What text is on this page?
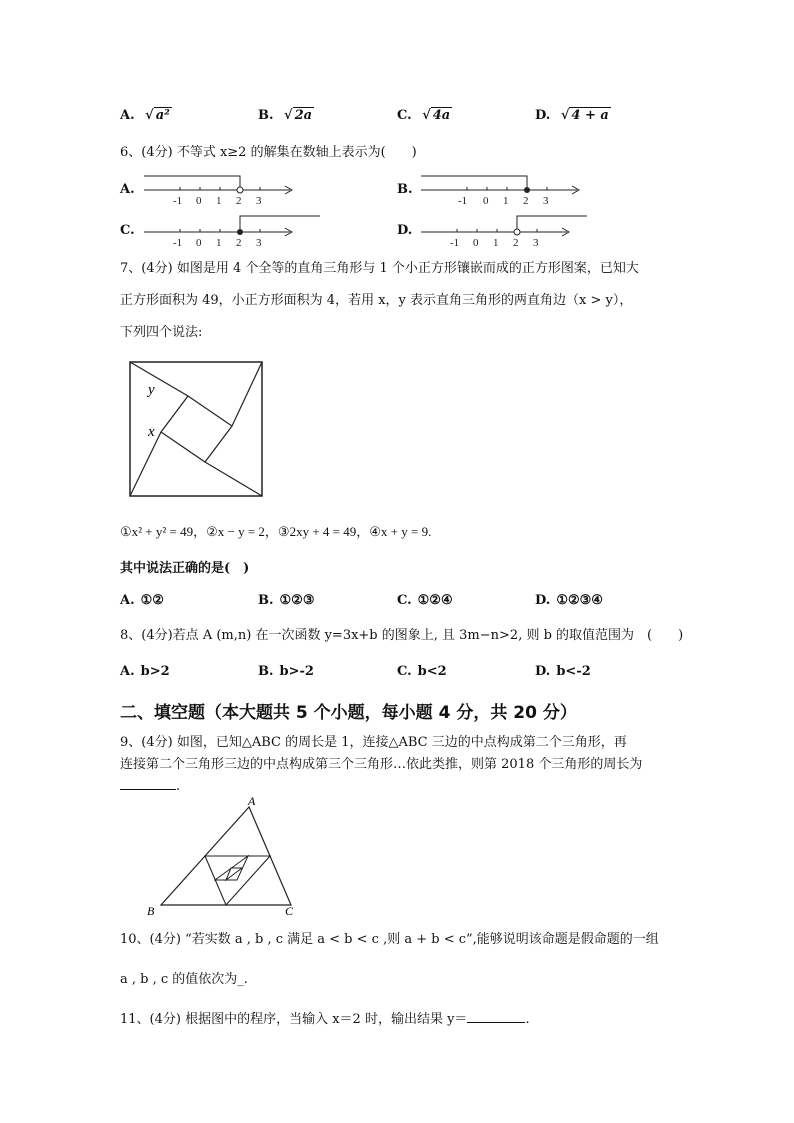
A. √ a²	B. √ 2a	C. √ 4a	D. √ 4 + a
6、(4分) 不等式 x≥2 的解集在数轴上表示为(　　)
A.	B.
C.	D.
-1 0 1 2 3	-1 0 1 2 3
-1 0 1 2 3	-1 0 1 2 3
7、(4分) 如图是用 4 个全等的直角三角形与 1 个小正方形镶嵌而成的正方形图案，已知大
正方形面积为 49，小正方形面积为 4，若用 x，y 表示直角三角形的两直角边（x > y），
下列四个说法:
y
x
①x² + y² = 49，②x − y = 2，③2xy + 4 = 49，④x + y = 9.
其中说法正确的是(　)
A. ①②	B. ①②③	C. ①②④	D. ①②③④
8、(4分)若点 A (m,n) 在一次函数 y=3x+b 的图象上, 且 3m−n>2, 则 b 的取值范围为　(　　)
A. b>2	B. b>-2	C. b<2	D. b<-2
二、填空题（本大题共 5 个小题，每小题 4 分，共 20 分）
9、(4分) 如图，已知△ABC 的周长是 1，连接△ABC 三边的中点构成第二个三角形，再
连接第二个三角形三边的中点构成第三个三角形…依此类推，则第 2018 个三角形的周长为
.
A
B	C
10、(4分) “若实数 a , b , c 满足 a < b < c ,则 a + b < c”,能够说明该命题是假命题的一组
a , b , c 的值依次为_.
11、(4分) 根据图中的程序，当输入 x＝2 时，输出结果 y＝	.
